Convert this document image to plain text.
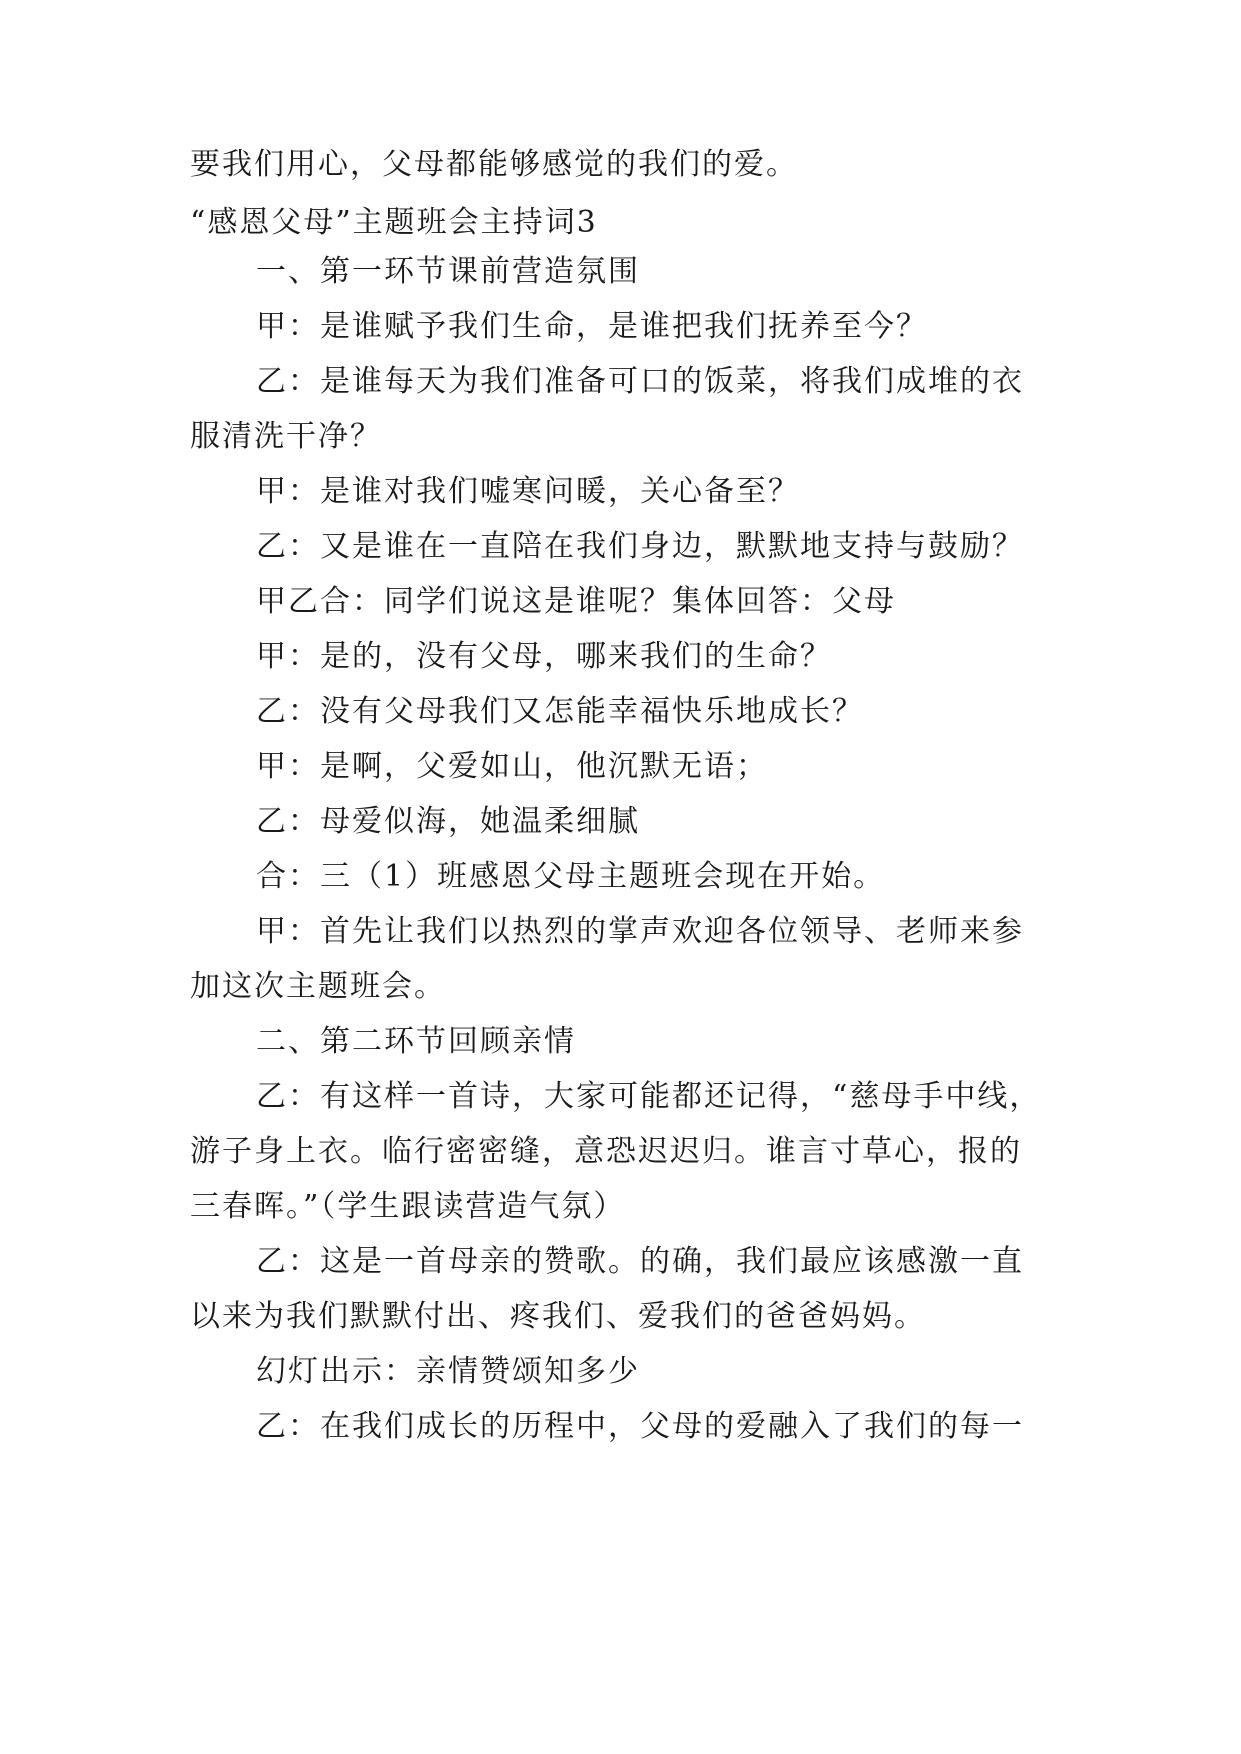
要我们用心，父母都能够感觉的我们的爱。
“感恩父母”主题班会主持词3
一、第一环节课前营造氛围
甲：是谁赋予我们生命，是谁把我们抚养至今？
乙：是谁每天为我们准备可口的饭菜，将我们成堆的衣
服清洗干净？
甲：是谁对我们嘘寒问暖，关心备至？
乙：又是谁在一直陪在我们身边，默默地支持与鼓励？
甲乙合：同学们说这是谁呢？集体回答：父母
甲：是的，没有父母，哪来我们的生命？
乙：没有父母我们又怎能幸福快乐地成长？
甲：是啊，父爱如山，他沉默无语；
乙：母爱似海，她温柔细腻
合：三（1）班感恩父母主题班会现在开始。
甲：首先让我们以热烈的掌声欢迎各位领导、老师来参
加这次主题班会。
二、第二环节回顾亲情
乙：有这样一首诗，大家可能都还记得，“慈母手中线，
游子身上衣。临行密密缝，意恐迟迟归。谁言寸草心，报的
三春晖。”（学生跟读营造气氛）
乙：这是一首母亲的赞歌。的确，我们最应该感激一直
以来为我们默默付出、疼我们、爱我们的爸爸妈妈。
幻灯出示：亲情赞颂知多少
乙：在我们成长的历程中，父母的爱融入了我们的每一
